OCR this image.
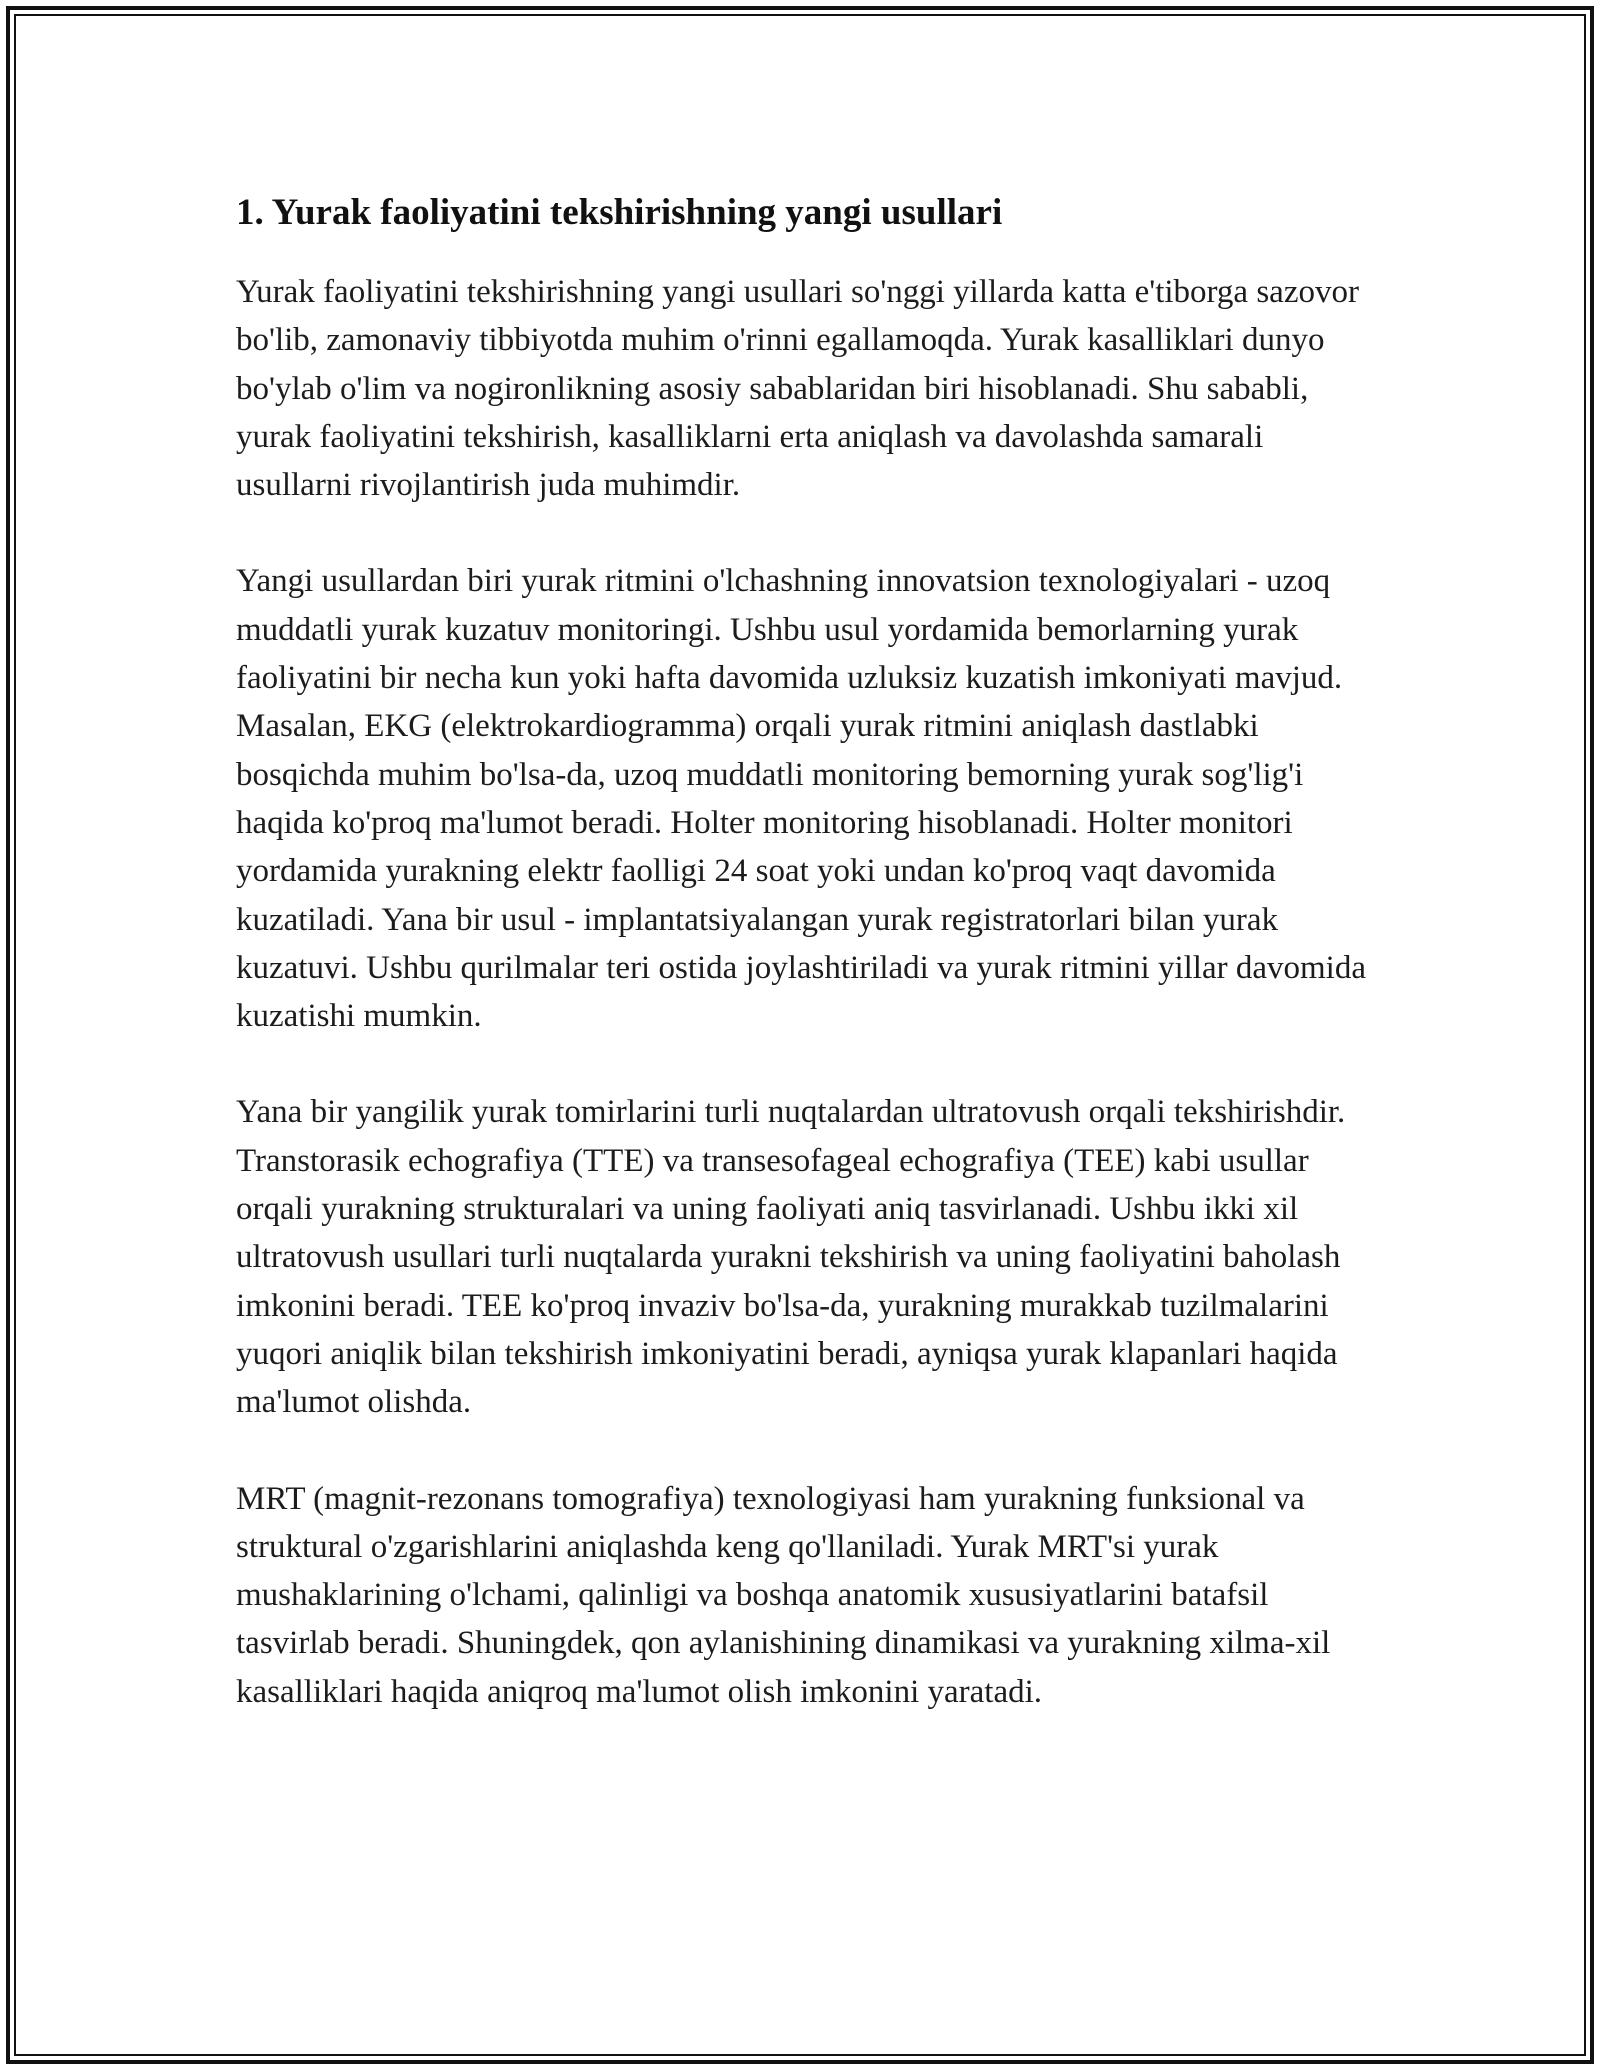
1. Yurak faoliyatini tekshirishning yangi usullari

Yurak faoliyatini tekshirishning yangi usullari so'nggi yillarda katta e'tiborga sazovor bo'lib, zamonaviy tibbiyotda muhim o'rinni egallamoqda. Yurak kasalliklari dunyo bo'ylab o'lim va nogironlikning asosiy sabablaridan biri hisoblanadi. Shu sababli, yurak faoliyatini tekshirish, kasalliklarni erta aniqlash va davolashda samarali usullarni rivojlantirish juda muhimdir.

Yangi usullardan biri yurak ritmini o'lchashning innovatsion texnologiyalari - uzoq muddatli yurak kuzatuv monitoringi. Ushbu usul yordamida bemorlarning yurak faoliyatini bir necha kun yoki hafta davomida uzluksiz kuzatish imkoniyati mavjud. Masalan, EKG (elektrokardiogramma) orqali yurak ritmini aniqlash dastlabki bosqichda muhim bo'lsa-da, uzoq muddatli monitoring bemorning yurak sog'lig'i haqida ko'proq ma'lumot beradi. Holter monitoring hisoblanadi. Holter monitori yordamida yurakning elektr faolligi 24 soat yoki undan ko'proq vaqt davomida kuzatiladi. Yana bir usul - implantatsiyalangan yurak registratorlari bilan yurak kuzatuvi. Ushbu qurilmalar teri ostida joylashtiriladi va yurak ritmini yillar davomida kuzatishi mumkin.

Yana bir yangilik yurak tomirlarini turli nuqtalardan ultratovush orqali tekshirishdir. Transtorasik echografiya (TTE) va transesofageal echografiya (TEE) kabi usullar orqali yurakning strukturalari va uning faoliyati aniq tasvirlanadi. Ushbu ikki xil ultratovush usullari turli nuqtalarda yurakni tekshirish va uning faoliyatini baholash imkonini beradi. TEE ko'proq invaziv bo'lsa-da, yurakning murakkab tuzilmalarini yuqori aniqlik bilan tekshirish imkoniyatini beradi, ayniqsa yurak klapanlari haqida ma'lumot olishda.

MRT (magnit-rezonans tomografiya) texnologiyasi ham yurakning funksional va struktural o'zgarishlarini aniqlashda keng qo'llaniladi. Yurak MRT'si yurak mushaklarining o'lchami, qalinligi va boshqa anatomik xususiyatlarini batafsil tasvirlab beradi. Shuningdek, qon aylanishining dinamikasi va yurakning xilma-xil kasalliklari haqida aniqroq ma'lumot olish imkonini yaratadi.
